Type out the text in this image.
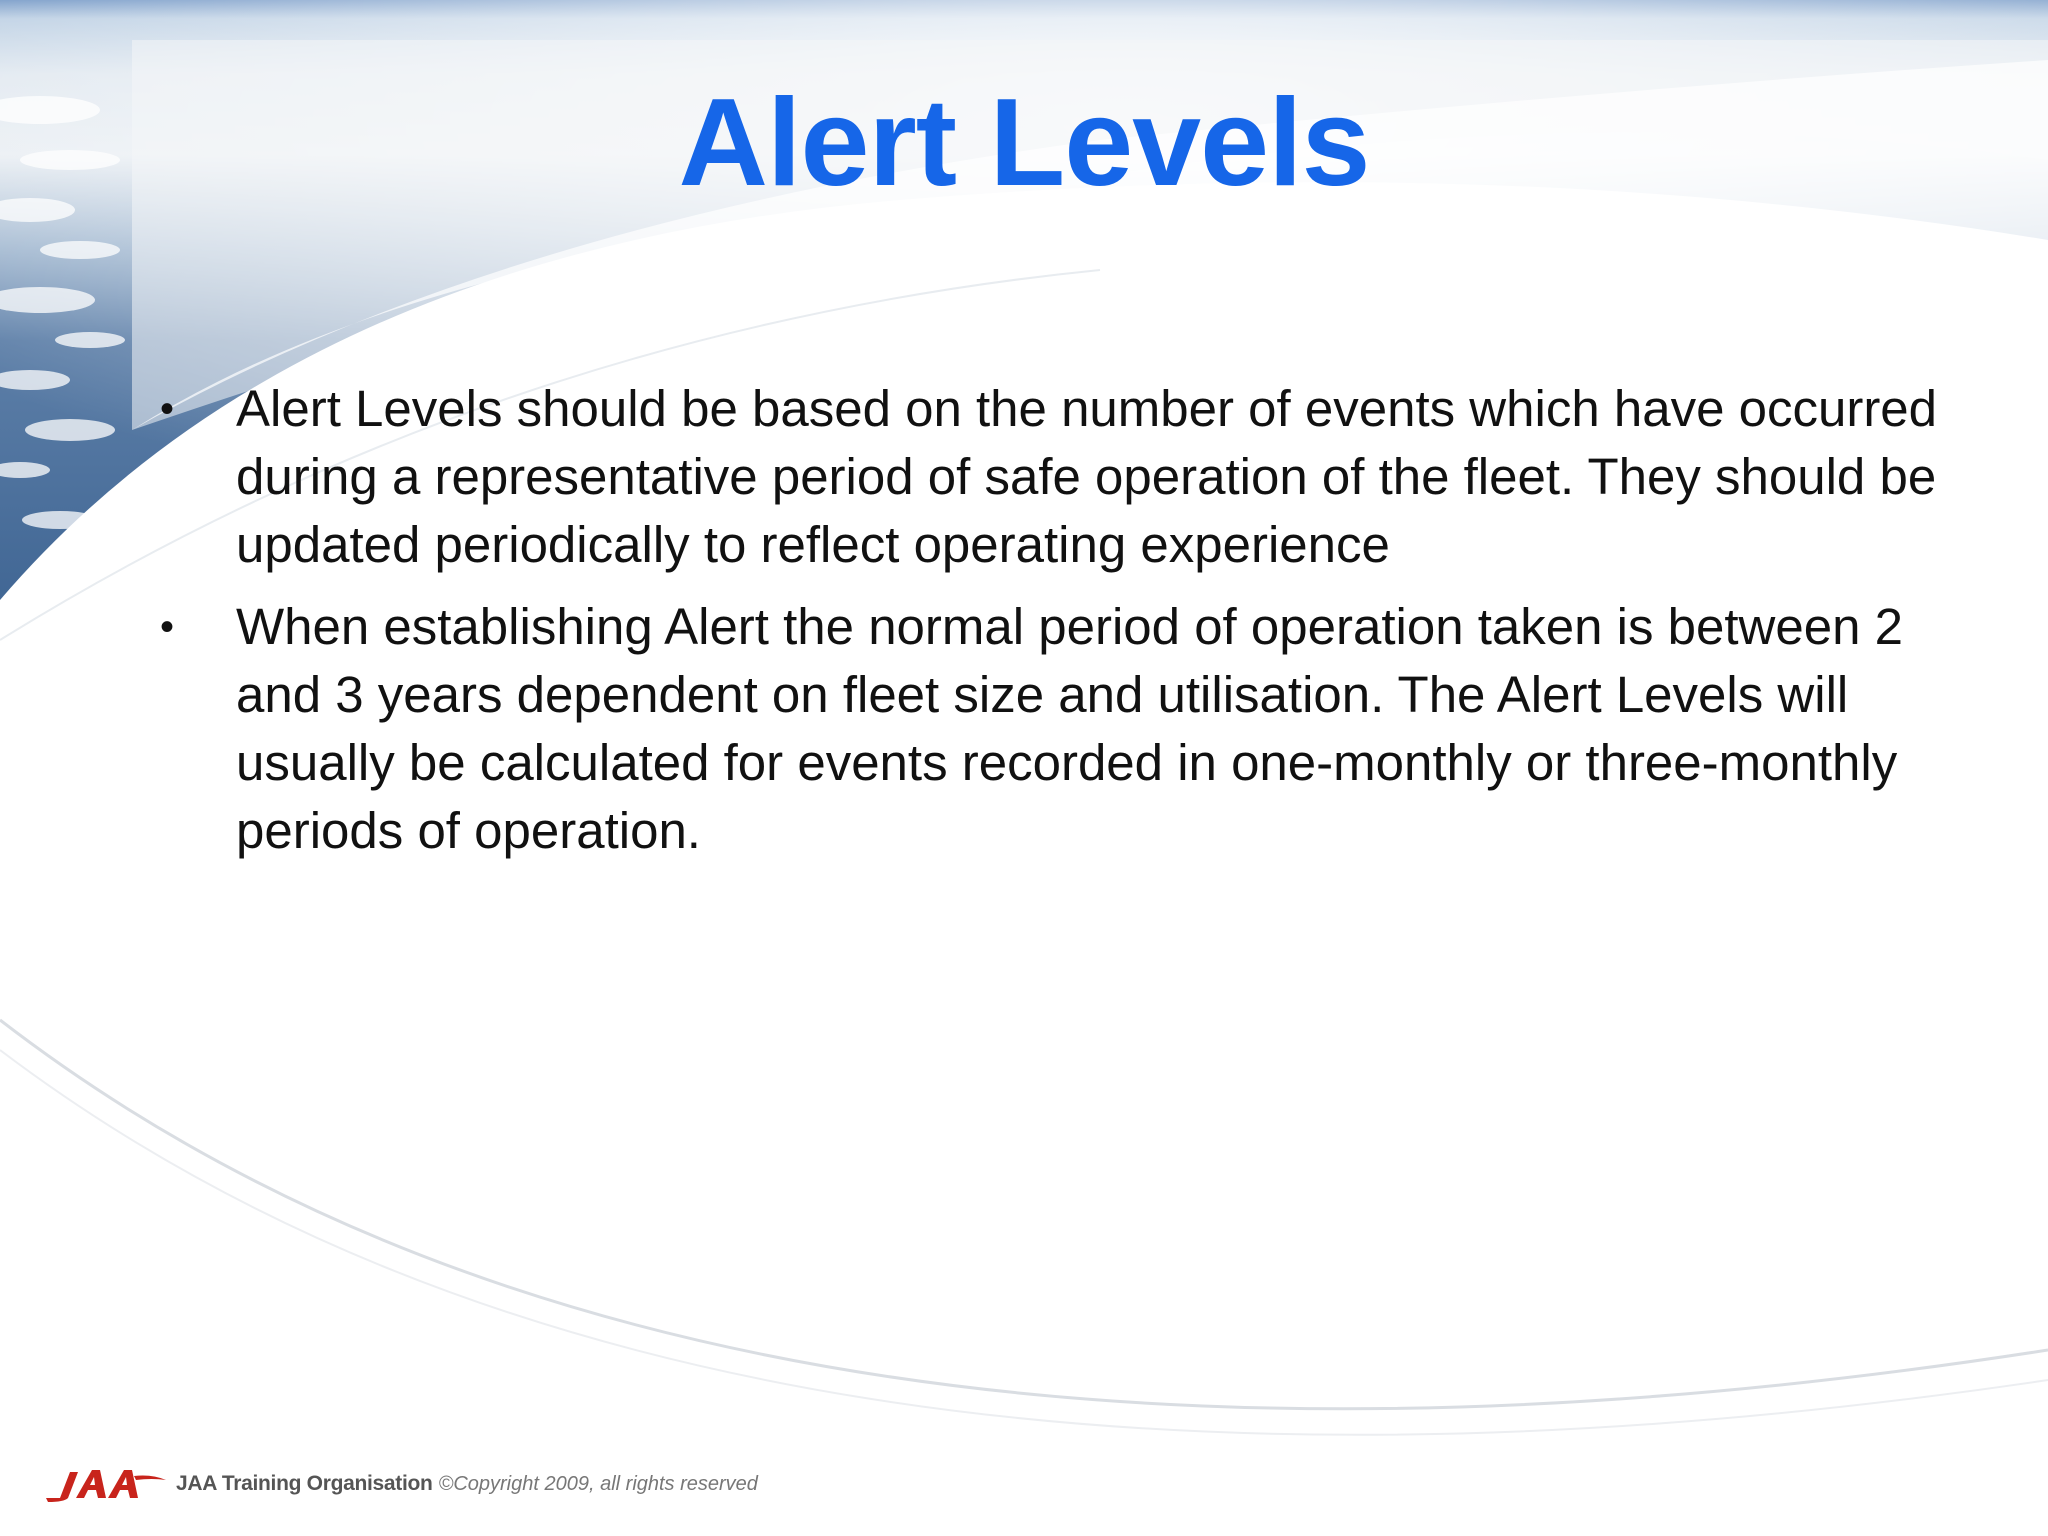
Alert Levels
•	Alert Levels should be based on the number of events which have occurred during a representative period of safe operation of the fleet. They should be updated periodically to reflect operating experience
•	When establishing Alert the normal period of operation taken is between 2 and 3 years dependent on fleet size and utilisation. The Alert Levels will usually be calculated for events recorded in one-monthly or three-monthly periods of operation.
JAA Training Organisation ©Copyright 2009, all rights reserved
